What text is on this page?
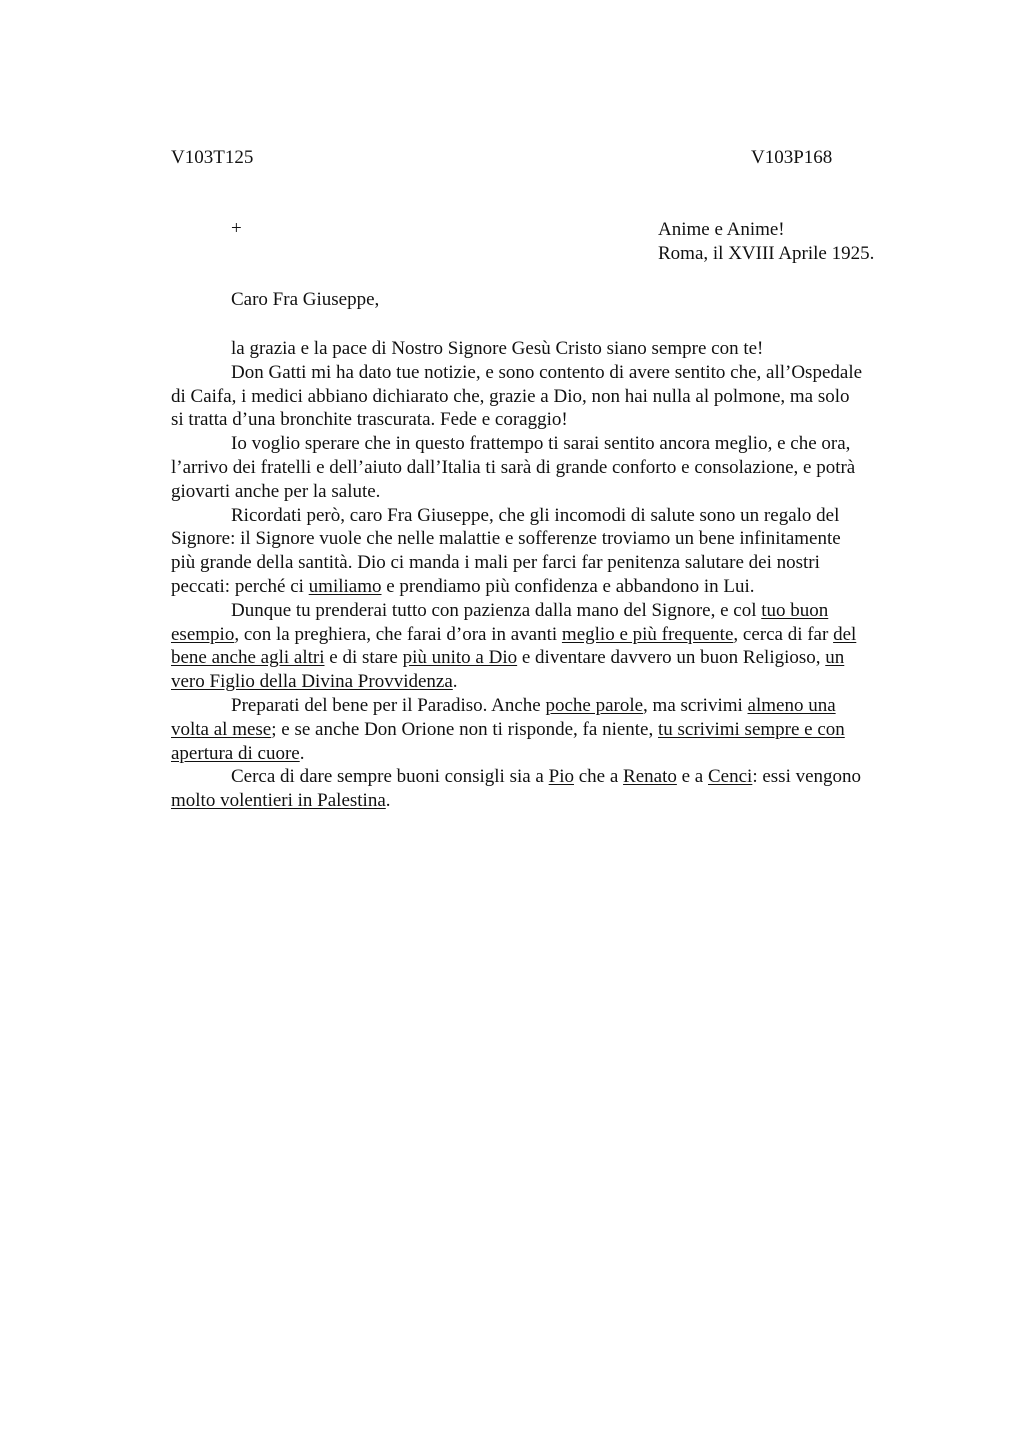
V103T125	V103P168
+	Anime e Anime!
Roma, il XVIII Aprile 1925.
Caro Fra Giuseppe,
la grazia e la pace di Nostro Signore Gesù Cristo siano sempre con te!
Don Gatti mi ha dato tue notizie, e sono contento di avere sentito che, all’Ospedale
di Caifa, i medici abbiano dichiarato che, grazie a Dio, non hai nulla al polmone, ma solo
si tratta d’una bronchite trascurata. Fede e coraggio!
Io voglio sperare che in questo frattempo ti sarai sentito ancora meglio, e che ora,
l’arrivo dei fratelli e dell’aiuto dall’Italia ti sarà di grande conforto e consolazione, e potrà
giovarti anche per la salute.
Ricordati però, caro Fra Giuseppe, che gli incomodi di salute sono un regalo del
Signore: il Signore vuole che nelle malattie e sofferenze troviamo un bene infinitamente
più grande della santità. Dio ci manda i mali per farci far penitenza salutare dei nostri
peccati: perché ci umiliamo e prendiamo più confidenza e abbandono in Lui.
Dunque tu prenderai tutto con pazienza dalla mano del Signore, e col tuo buon
esempio, con la preghiera, che farai d’ora in avanti meglio e più frequente, cerca di far del
bene anche agli altri e di stare più unito a Dio e diventare davvero un buon Religioso, un
vero Figlio della Divina Provvidenza.
Preparati del bene per il Paradiso. Anche poche parole, ma scrivimi almeno una
volta al mese; e se anche Don Orione non ti risponde, fa niente, tu scrivimi sempre e con
apertura di cuore.
Cerca di dare sempre buoni consigli sia a Pio che a Renato e a Cenci: essi vengono
molto volentieri in Palestina.
